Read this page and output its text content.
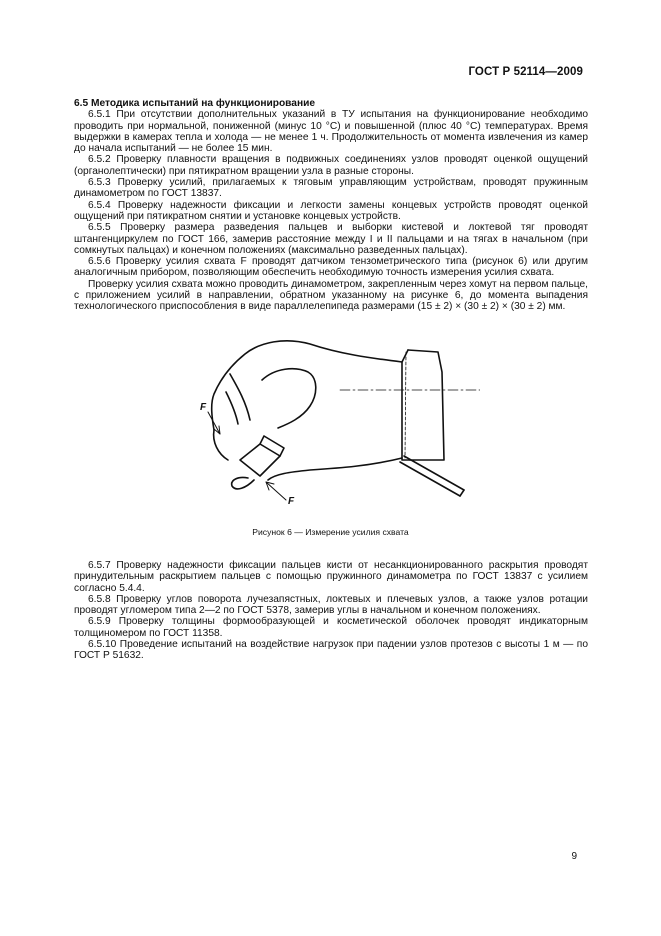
ГОСТ Р 52114—2009
6.5 Методика испытаний на функционирование

6.5.1 При отсутствии дополнительных указаний в ТУ испытания на функционирование необходимо проводить при нормальной, пониженной (минус 10 °С) и повышенной (плюс 40 °С) температурах. Время выдержки в камерах тепла и холода — не менее 1 ч. Продолжительность от момента извлечения из камер до начала испытаний — не более 15 мин.

6.5.2 Проверку плавности вращения в подвижных соединениях узлов проводят оценкой ощущений (органолептически) при пятикратном вращении узла в разные стороны.

6.5.3 Проверку усилий, прилагаемых к тяговым управляющим устройствам, проводят пружинным динамометром по ГОСТ 13837.

6.5.4 Проверку надежности фиксации и легкости замены концевых устройств проводят оценкой ощущений при пятикратном снятии и установке концевых устройств.

6.5.5 Проверку размера разведения пальцев и выборки кистевой и локтевой тяг проводят штангенциркулем по ГОСТ 166, замерив расстояние между I и II пальцами и на тягах в начальном (при сомкнутых пальцах) и конечном положениях (максимально разведенных пальцах).

6.5.6 Проверку усилия схвата F проводят датчиком тензометрического типа (рисунок 6) или другим аналогичным прибором, позволяющим обеспечить необходимую точность измерения усилия схвата.

Проверку усилия схвата можно проводить динамометром, закрепленным через хомут на первом пальце, с приложением усилий в направлении, обратном указанному на рисунке 6, до момента выпадения технологического приспособления в виде параллелепипеда размерами (15 ± 2) × (30 ± 2) × (30 ± 2) мм.

F
F
Рисунок 6 — Измерение усилия схвата

6.5.7 Проверку надежности фиксации пальцев кисти от несанкционированного раскрытия проводят принудительным раскрытием пальцев с помощью пружинного динамометра по ГОСТ 13837 с усилием согласно 5.4.4.

6.5.8 Проверку углов поворота лучезапястных, локтевых и плечевых узлов, а также узлов ротации проводят угломером типа 2—2 по ГОСТ 5378, замерив углы в начальном и конечном положениях.

6.5.9 Проверку толщины формообразующей и косметической оболочек проводят индикаторным толщиномером по ГОСТ 11358.

6.5.10 Проведение испытаний на воздействие нагрузок при падении узлов протезов с высоты 1 м — по ГОСТ Р 51632.

9
